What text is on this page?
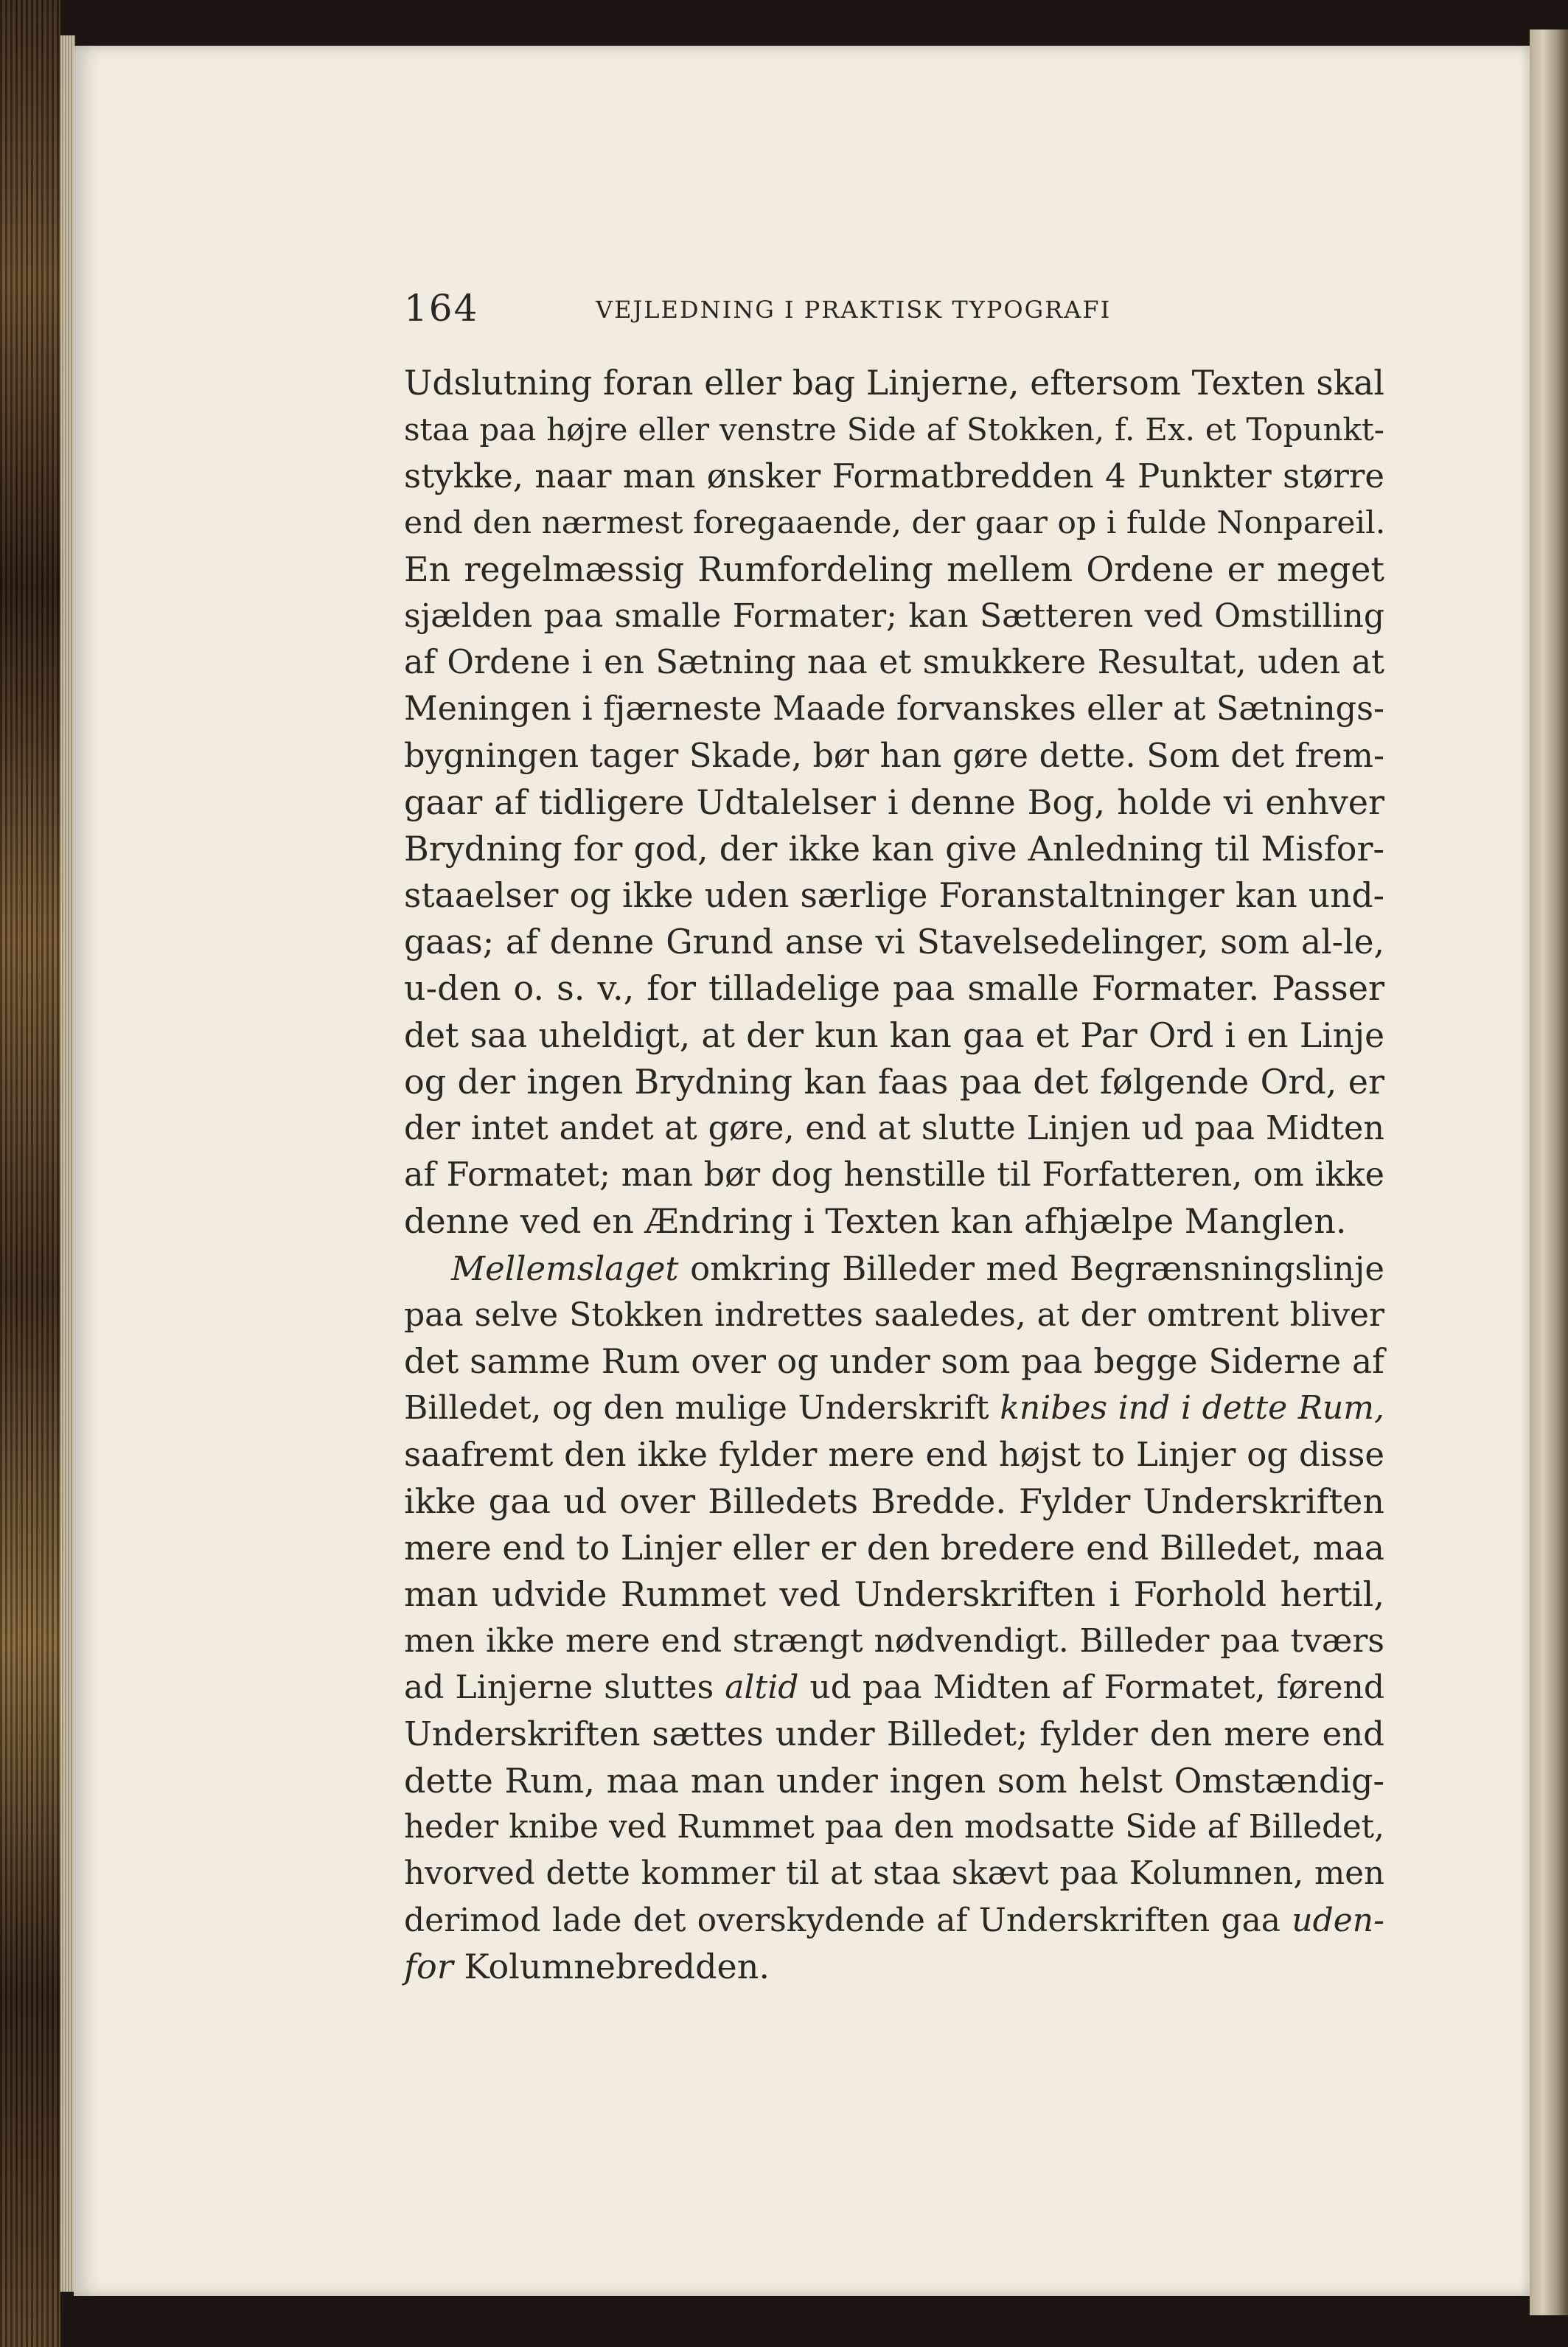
164	VEJLEDNING I PRAKTISK TYPOGRAFI
Udslutning foran eller bag Linjerne, eftersom Texten skal
staa paa højre eller venstre Side af Stokken, f. Ex. et Topunkt-
stykke, naar man ønsker Formatbredden 4 Punkter større
end den nærmest foregaaende, der gaar op i fulde Nonpareil.
En regelmæssig Rumfordeling mellem Ordene er meget
sjælden paa smalle Formater; kan Sætteren ved Omstilling
af Ordene i en Sætning naa et smukkere Resultat, uden at
Meningen i fjærneste Maade forvanskes eller at Sætnings-
bygningen tager Skade, bør han gøre dette. Som det frem-
gaar af tidligere Udtalelser i denne Bog, holde vi enhver
Brydning for god, der ikke kan give Anledning til Misfor-
staaelser og ikke uden særlige Foranstaltninger kan und-
gaas; af denne Grund anse vi Stavelsedelinger, som al-le,
u-den o. s. v., for tilladelige paa smalle Formater. Passer
det saa uheldigt, at der kun kan gaa et Par Ord i en Linje
og der ingen Brydning kan faas paa det følgende Ord, er
der intet andet at gøre, end at slutte Linjen ud paa Midten
af Formatet; man bør dog henstille til Forfatteren, om ikke
denne ved en Ændring i Texten kan afhjælpe Manglen.
Mellemslaget omkring Billeder med Begrænsningslinje
paa selve Stokken indrettes saaledes, at der omtrent bliver
det samme Rum over og under som paa begge Siderne af
Billedet, og den mulige Underskrift knibes ind i dette Rum,
saafremt den ikke fylder mere end højst to Linjer og disse
ikke gaa ud over Billedets Bredde. Fylder Underskriften
mere end to Linjer eller er den bredere end Billedet, maa
man udvide Rummet ved Underskriften i Forhold hertil,
men ikke mere end strængt nødvendigt. Billeder paa tværs
ad Linjerne sluttes altid ud paa Midten af Formatet, førend
Underskriften sættes under Billedet; fylder den mere end
dette Rum, maa man under ingen som helst Omstændig-
heder knibe ved Rummet paa den modsatte Side af Billedet,
hvorved dette kommer til at staa skævt paa Kolumnen, men
derimod lade det overskydende af Underskriften gaa uden-
for Kolumnebredden.
